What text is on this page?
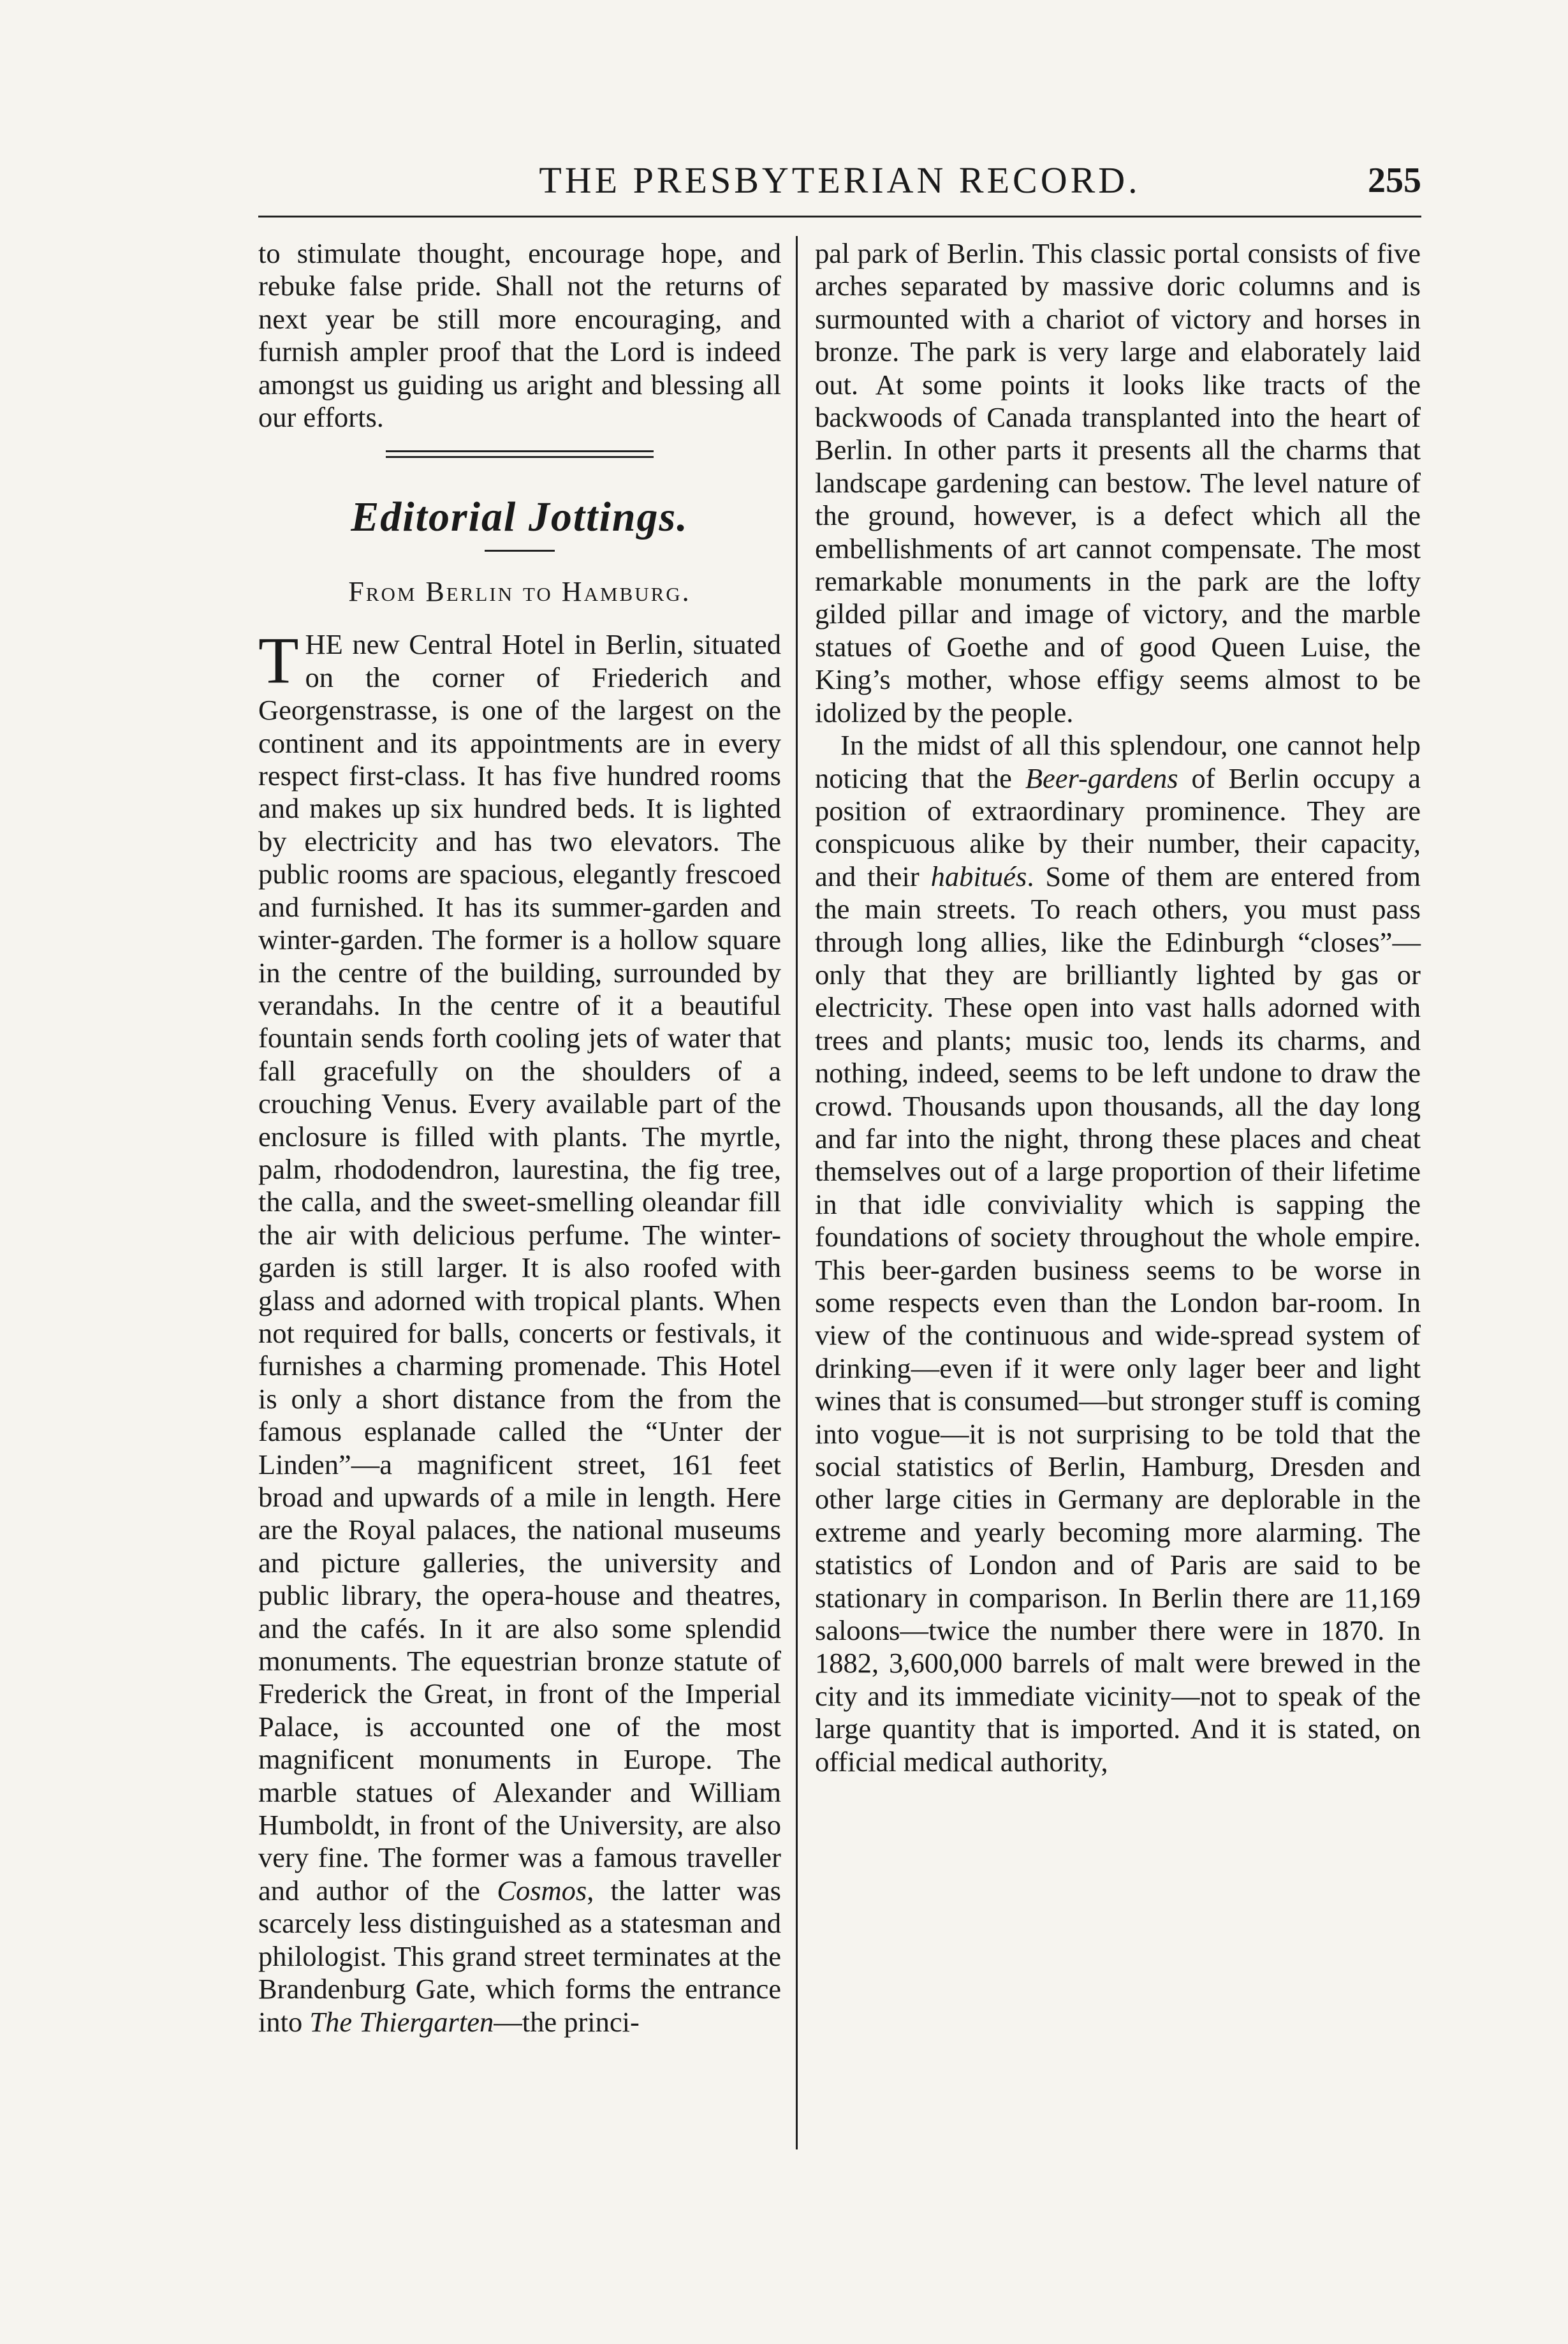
THE PRESBYTERIAN RECORD.	255

to stimulate thought, encourage hope, and rebuke false pride. Shall not the returns of next year be still more encouraging, and furnish ampler proof that the Lord is indeed amongst us guiding us aright and blessing all our efforts.

Editorial Jottings.
From Berlin to Hamburg.

THE new Central Hotel in Berlin, situated on the corner of Friederich and Georgenstrasse, is one of the largest on the continent and its appointments are in every respect first-class. It has five hundred rooms and makes up six hundred beds. It is lighted by electricity and has two elevators. The public rooms are spacious, elegantly frescoed and furnished. It has its summer-garden and winter-garden. The former is a hollow square in the centre of the building, surrounded by verandahs. In the centre of it a beautiful fountain sends forth cooling jets of water that fall gracefully on the shoulders of a crouching Venus. Every available part of the enclosure is filled with plants. The myrtle, palm, rhododendron, laurestina, the fig tree, the calla, and the sweet-smelling oleandar fill the air with delicious perfume. The winter-garden is still larger. It is also roofed with glass and adorned with tropical plants. When not required for balls, concerts or festivals, it furnishes a charming promenade. This Hotel is only a short distance from the from the famous esplanade called the “Unter der Linden”—a magnificent street, 161 feet broad and upwards of a mile in length. Here are the Royal palaces, the national museums and picture galleries, the university and public library, the opera-house and theatres, and the cafés. In it are also some splendid monuments. The equestrian bronze statute of Frederick the Great, in front of the Imperial Palace, is accounted one of the most magnificent monuments in Europe. The marble statues of Alexander and William Humboldt, in front of the University, are also very fine. The former was a famous traveller and author of the Cosmos, the latter was scarcely less distinguished as a statesman and philologist. This grand street terminates at the Brandenburg Gate, which forms the entrance into The Thiergarten—the princi-

pal park of Berlin. This classic portal consists of five arches separated by massive doric columns and is surmounted with a chariot of victory and horses in bronze. The park is very large and elaborately laid out. At some points it looks like tracts of the backwoods of Canada transplanted into the heart of Berlin. In other parts it presents all the charms that landscape gardening can bestow. The level nature of the ground, however, is a defect which all the embellishments of art cannot compensate. The most remarkable monuments in the park are the lofty gilded pillar and image of victory, and the marble statues of Goethe and of good Queen Luise, the King’s mother, whose effigy seems almost to be idolized by the people.

In the midst of all this splendour, one cannot help noticing that the Beer-gardens of Berlin occupy a position of extraordinary prominence. They are conspicuous alike by their number, their capacity, and their habitués. Some of them are entered from the main streets. To reach others, you must pass through long allies, like the Edinburgh “closes”—only that they are brilliantly lighted by gas or electricity. These open into vast halls adorned with trees and plants; music too, lends its charms, and nothing, indeed, seems to be left undone to draw the crowd. Thousands upon thousands, all the day long and far into the night, throng these places and cheat themselves out of a large proportion of their lifetime in that idle conviviality which is sapping the foundations of society throughout the whole empire. This beer-garden business seems to be worse in some respects even than the London bar-room. In view of the continuous and wide-spread system of drinking—even if it were only lager beer and light wines that is consumed—but stronger stuff is coming into vogue—it is not surprising to be told that the social statistics of Berlin, Hamburg, Dresden and other large cities in Germany are deplorable in the extreme and yearly becoming more alarming. The statistics of London and of Paris are said to be stationary in comparison. In Berlin there are 11,169 saloons—twice the number there were in 1870. In 1882, 3,600,000 barrels of malt were brewed in the city and its immediate vicinity—not to speak of the large quantity that is imported. And it is stated, on official medical authority,
